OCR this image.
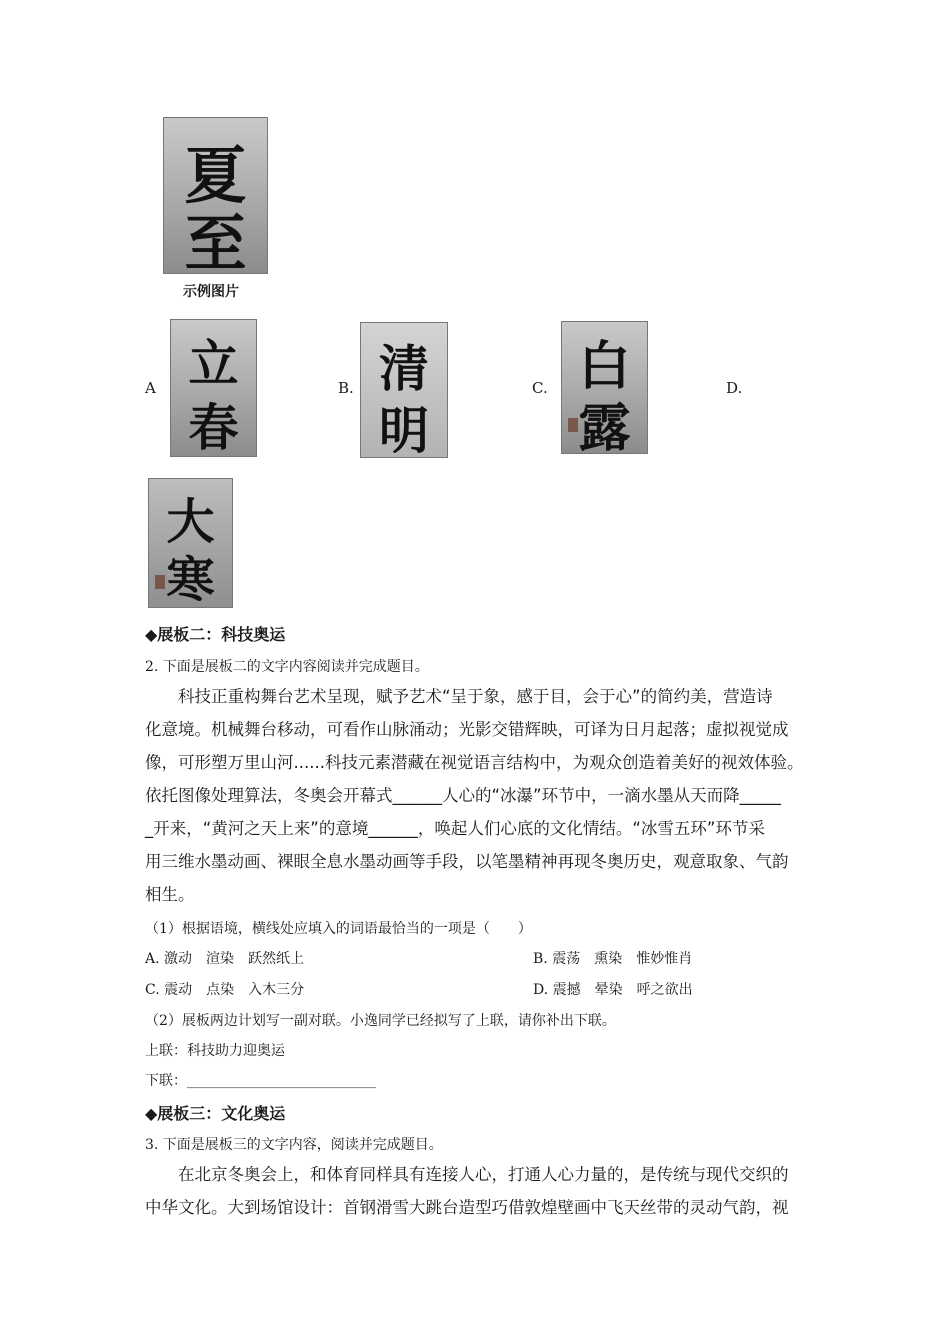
夏
至
示例图片
A 立
春
B. 清
明
C. 白
露
D.
大
寒
◆展板二：科技奥运
2. 下面是展板二的文字内容阅读并完成题目。
科技正重构舞台艺术呈现，赋予艺术“呈于象，感于目，会于心”的简约美，营造诗
化意境。机械舞台移动，可看作山脉涌动；光影交错辉映，可译为日月起落；虚拟视觉成
像，可形塑万里山河......科技元素潜藏在视觉语言结构中，为观众创造着美好的视效体验。
依托图像处理算法，冬奥会开幕式______人心的“冰瀑”环节中，一滴水墨从天而降_____
_开来，“黄河之天上来”的意境______，唤起人们心底的文化情结。“冰雪五环”环节采
用三维水墨动画、裸眼全息水墨动画等手段，以笔墨精神再现冬奥历史，观意取象、气韵
相生。
（1）根据语境，横线处应填入的词语最恰当的一项是（　　）
A. 激动　渲染　跃然纸上	B. 震荡　熏染　惟妙惟肖
C. 震动　点染　入木三分	D. 震撼　晕染　呼之欲出
（2）展板两边计划写一副对联。小逸同学已经拟写了上联，请你补出下联。
上联：科技助力迎奥运
下联：___________________________
◆展板三：文化奥运
3. 下面是展板三的文字内容，阅读并完成题目。
在北京冬奥会上，和体育同样具有连接人心，打通人心力量的，是传统与现代交织的
中华文化。大到场馆设计：首钢滑雪大跳台造型巧借敦煌壁画中飞天丝带的灵动气韵，视
